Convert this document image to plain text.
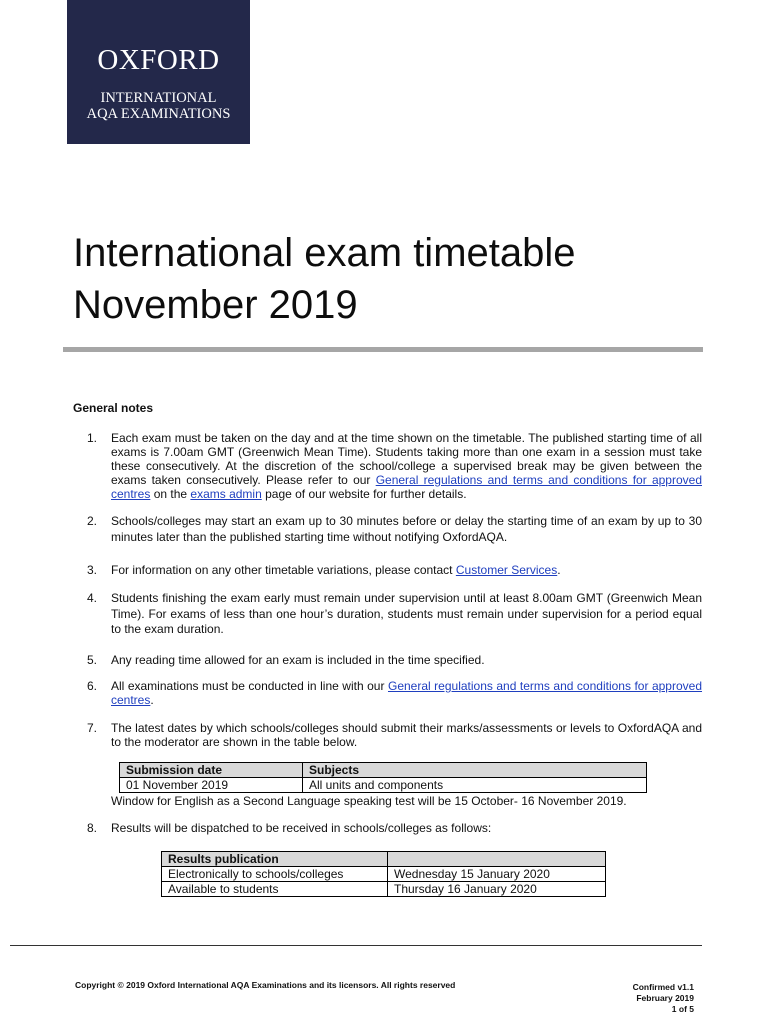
OXFORD
INTERNATIONAL
AQA EXAMINATIONS
International exam timetable
November 2019
General notes
1. Each exam must be taken on the day and at the time shown on the timetable. The published starting time of all exams is 7.00am GMT (Greenwich Mean Time). Students taking more than one exam in a session must take these consecutively. At the discretion of the school/college a supervised break may be given between the exams taken consecutively. Please refer to our General regulations and terms and conditions for approved centres on the exams admin page of our website for further details.
2. Schools/colleges may start an exam up to 30 minutes before or delay the starting time of an exam by up to 30 minutes later than the published starting time without notifying OxfordAQA.
3. For information on any other timetable variations, please contact Customer Services.
4. Students finishing the exam early must remain under supervision until at least 8.00am GMT (Greenwich Mean Time). For exams of less than one hour’s duration, students must remain under supervision for a period equal to the exam duration.
5. Any reading time allowed for an exam is included in the time specified.
6. All examinations must be conducted in line with our General regulations and terms and conditions for approved centres.
7. The latest dates by which schools/colleges should submit their marks/assessments or levels to OxfordAQA and to the moderator are shown in the table below.
Submission date	Subjects
01 November 2019	All units and components
Window for English as a Second Language speaking test will be 15 October- 16 November 2019.
8. Results will be dispatched to be received in schools/colleges as follows:
Results publication	
Electronically to schools/colleges	Wednesday 15 January 2020
Available to students	Thursday 16 January 2020
Copyright © 2019 Oxford International AQA Examinations and its licensors. All rights reserved	Confirmed v1.1
February 2019
1 of 5
